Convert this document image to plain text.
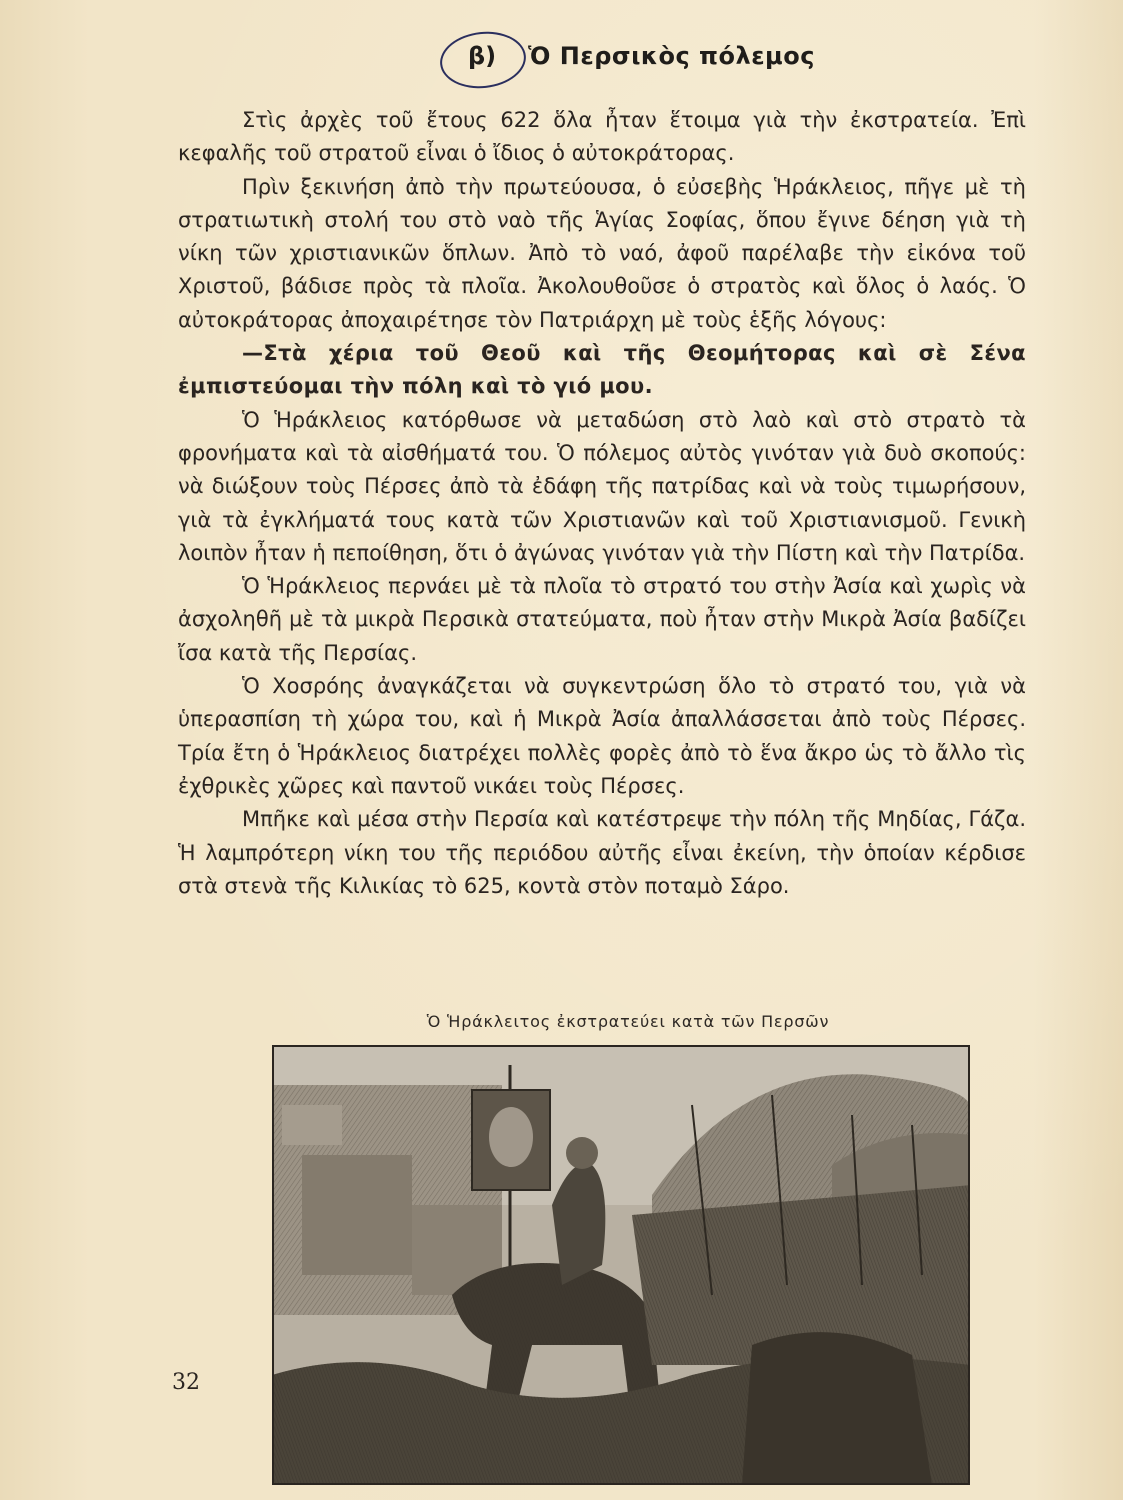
β) Ὁ Περσικὸς πόλεμος

Στὶς ἀρχὲς τοῦ ἔτους 622 ὅλα ἦταν ἕτοιμα γιὰ τὴν ἐκστρατεία. Ἐπὶ κεφαλῆς τοῦ στρατοῦ εἶναι ὁ ἴδιος ὁ αὐτοκράτορας.

Πρὶν ξεκινήση ἀπὸ τὴν πρωτεύουσα, ὁ εὐσεβὴς Ἡράκλειος, πῆγε μὲ τὴ στρατιωτικὴ στολή του στὸ ναὸ τῆς Ἁγίας Σοφίας, ὅπου ἔγινε δέηση γιὰ τὴ νίκη τῶν χριστιανικῶν ὅπλων. Ἀπὸ τὸ ναό, ἀφοῦ παρέλαβε τὴν εἰκόνα τοῦ Χριστοῦ, βάδισε πρὸς τὰ πλοῖα. Ἀκολουθοῦσε ὁ στρατὸς καὶ ὅλος ὁ λαός. Ὁ αὐτοκράτορας ἀποχαιρέτησε τὸν Πατριάρχη μὲ τοὺς ἑξῆς λόγους:

—Στὰ χέρια τοῦ Θεοῦ καὶ τῆς Θεομήτορας καὶ σὲ Σένα ἐμπιστεύομαι τὴν πόλη καὶ τὸ γιό μου.

Ὁ Ἡράκλειος κατόρθωσε νὰ μεταδώση στὸ λαὸ καὶ στὸ στρατὸ τὰ φρονήματα καὶ τὰ αἰσθήματά του. Ὁ πόλεμος αὐτὸς γινόταν γιὰ δυὸ σκοπούς: νὰ διώξουν τοὺς Πέρσες ἀπὸ τὰ ἐδάφη τῆς πατρίδας καὶ νὰ τοὺς τιμωρήσουν, γιὰ τὰ ἐγκλήματά τους κατὰ τῶν Χριστιανῶν καὶ τοῦ Χριστιανισμοῦ. Γενικὴ λοιπὸν ἦταν ἡ πεποίθηση, ὅτι ὁ ἀγώνας γινόταν γιὰ τὴν Πίστη καὶ τὴν Πατρίδα.

Ὁ Ἡράκλειος περνάει μὲ τὰ πλοῖα τὸ στρατό του στὴν Ἀσία καὶ χωρὶς νὰ ἀσχοληθῆ μὲ τὰ μικρὰ Περσικὰ στατεύματα, ποὺ ἦταν στὴν Μικρὰ Ἀσία βαδίζει ἴσα κατὰ τῆς Περσίας.

Ὁ Χοσρόης ἀναγκάζεται νὰ συγκεντρώση ὅλο τὸ στρατό του, γιὰ νὰ ὑπερασπίση τὴ χώρα του, καὶ ἡ Μικρὰ Ἀσία ἀπαλλάσσεται ἀπὸ τοὺς Πέρσες. Τρία ἔτη ὁ Ἡράκλειος διατρέχει πολλὲς φορὲς ἀπὸ τὸ ἕνα ἄκρο ὡς τὸ ἄλλο τὶς ἐχθρικὲς χῶρες καὶ παντοῦ νικάει τοὺς Πέρσες.

Μπῆκε καὶ μέσα στὴν Περσία καὶ κατέστρεψε τὴν πόλη τῆς Μηδίας, Γάζα. Ἡ λαμπρότερη νίκη του τῆς περιόδου αὐτῆς εἶναι ἐκείνη, τὴν ὁποίαν κέρδισε στὰ στενὰ τῆς Κιλικίας τὸ 625, κοντὰ στὸν ποταμὸ Σάρο.

Ὁ Ἡράκλειτος ἐκστρατεύει κατὰ τῶν Περσῶν
32
